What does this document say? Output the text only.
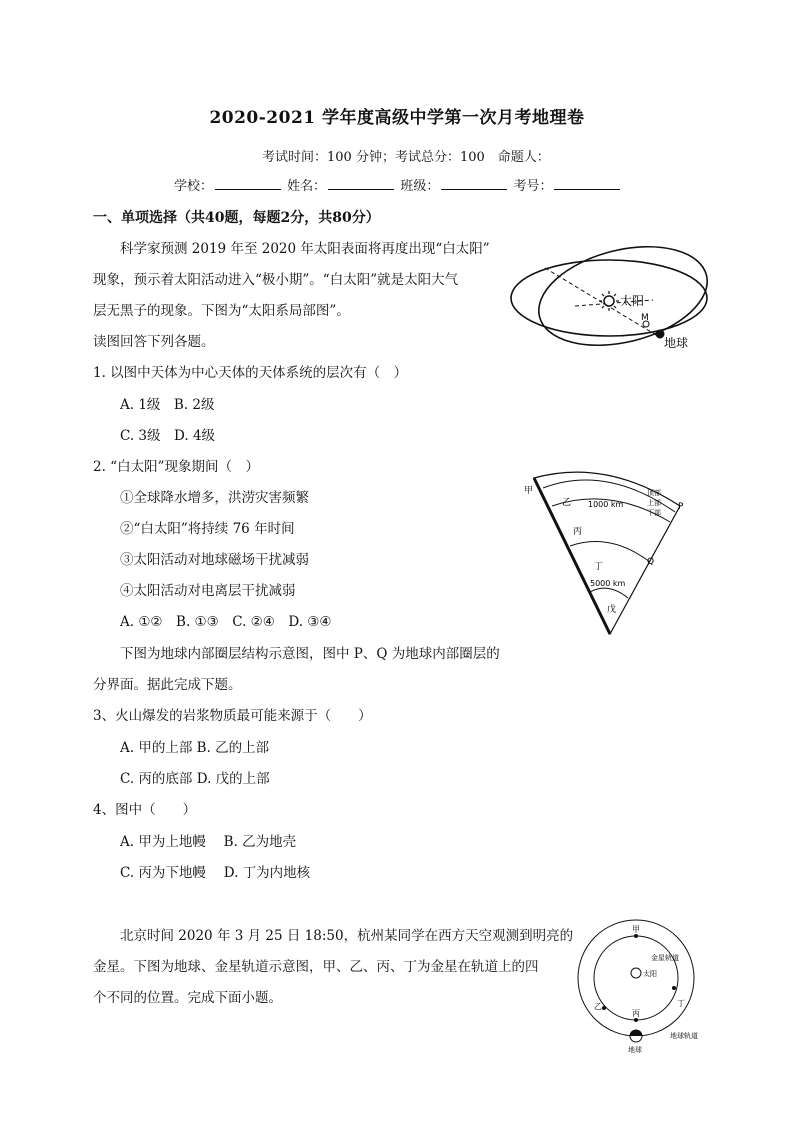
2020-2021 学年度高级中学第一次月考地理卷
考试时间：100 分钟；考试总分：100　命题人：
学校：	姓名：	班级：	考号：
一、单项选择（共40题，每题2分，共80分）
科学家预测 2019 年至 2020 年太阳表面将再度出现“白太阳”
现象，预示着太阳活动进入“极小期”。“白太阳”就是太阳大气
层无黑子的现象。下图为“太阳系局部图”。
读图回答下列各题。
1. 以图中天体为中心天体的天体系统的层次有（　）
A. 1级　B. 2级
C. 3级　D. 4级
2. “白太阳”现象期间（　）
①全球降水增多，洪涝灾害频繁
②“白太阳”将持续 76 年时间
③太阳活动对地球磁场干扰减弱
④太阳活动对电离层干扰减弱
A. ①②　B. ①③　C. ②④　D. ③④
下图为地球内部圈层结构示意图，图中 P、Q 为地球内部圈层的
分界面。据此完成下题。
3、火山爆发的岩浆物质最可能来源于（　　）
A. 甲的上部 B. 乙的上部
C. 丙的底部 D. 戊的上部
4、图中（　　）
A. 甲为上地幔　 B. 乙为地壳
C. 丙为下地幔　 D. 丁为内地核
北京时间 2020 年 3 月 25 日 18:50，杭州某同学在西方天空观测到明亮的
金星。下图为地球、金星轨道示意图，甲、乙、丙、丁为金星在轨道上的四
个不同的位置。完成下面小题。
太阳
M
地球
甲
乙 1000 km
顶部
上部
下部
P
丙
丁	Q
5000 km
戊
太阳
金星轨道
甲
乙
丙
丁
地球
地球轨道
